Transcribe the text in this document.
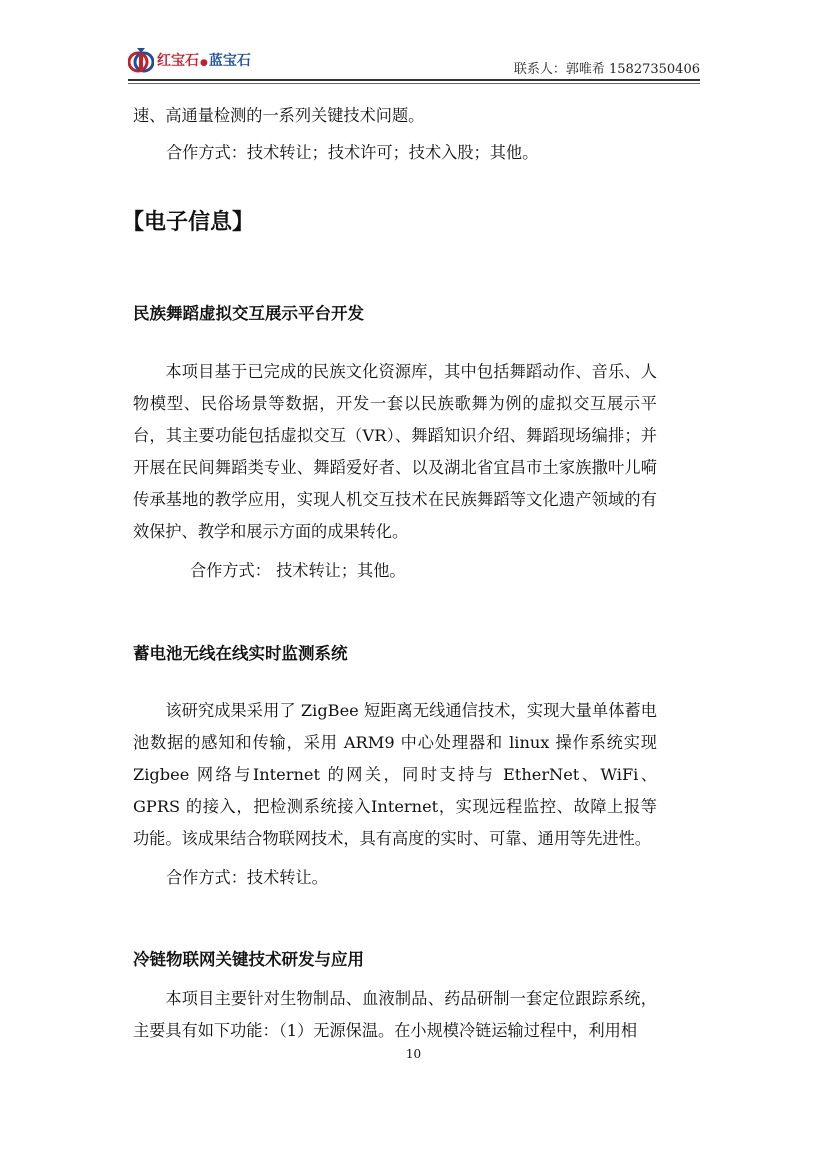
红宝石●蓝宝石
联系人：郭唯希 15827350406

速、高通量检测的一系列关键技术问题。

合作方式：技术转让；技术许可；技术入股；其他。

【电子信息】
民族舞蹈虚拟交互展示平台开发

本项目基于已完成的民族文化资源库，其中包括舞蹈动作、音乐、人物模型、民俗场景等数据，开发一套以民族歌舞为例的虚拟交互展示平台，其主要功能包括虚拟交互（VR）、舞蹈知识介绍、舞蹈现场编排；并开展在民间舞蹈类专业、舞蹈爱好者、以及湖北省宜昌市土家族撒叶儿嗬传承基地的教学应用，实现人机交互技术在民族舞蹈等文化遗产领域的有效保护、教学和展示方面的成果转化。

合作方式： 技术转让；其他。

蓄电池无线在线实时监测系统

该研究成果采用了 ZigBee 短距离无线通信技术，实现大量单体蓄电池数据的感知和传输，采用 ARM9 中心处理器和 linux 操作系统实现 Zigbee 网络与Internet 的网关，同时支持与 EtherNet、WiFi、GPRS 的接入，把检测系统接入Internet，实现远程监控、故障上报等功能。该成果结合物联网技术，具有高度的实时、可靠、通用等先进性。

合作方式：技术转让。

冷链物联网关键技术研发与应用

本项目主要针对生物制品、血液制品、药品研制一套定位跟踪系统，主要具有如下功能：（1）无源保温。在小规模冷链运输过程中，利用相

10
